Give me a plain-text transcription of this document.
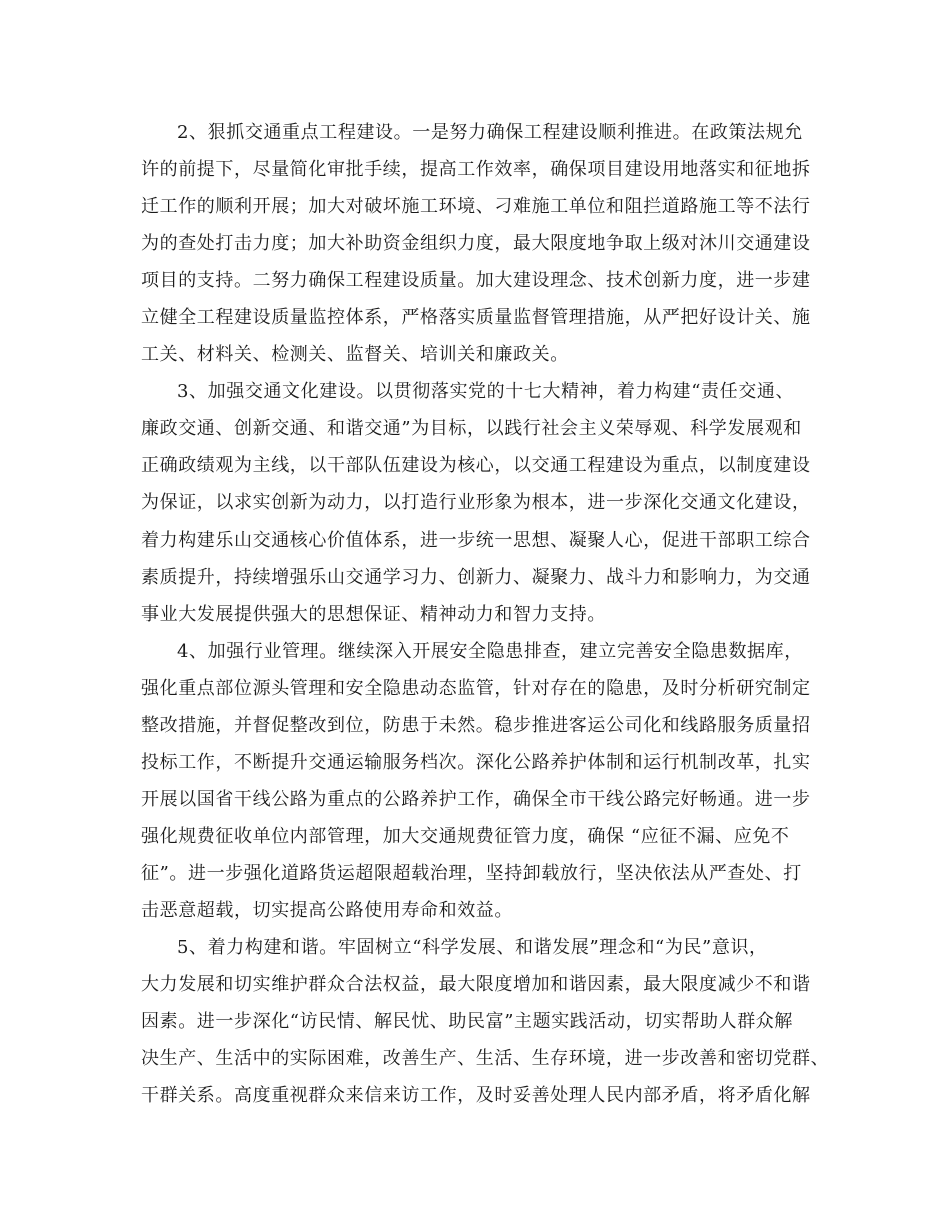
2、狠抓交通重点工程建设。一是努力确保工程建设顺利推进。在政策法规允
许的前提下，尽量简化审批手续，提高工作效率，确保项目建设用地落实和征地拆
迁工作的顺利开展；加大对破坏施工环境、刁难施工单位和阻拦道路施工等不法行
为的查处打击力度；加大补助资金组织力度，最大限度地争取上级对沐川交通建设
项目的支持。二努力确保工程建设质量。加大建设理念、技术创新力度，进一步建
立健全工程建设质量监控体系，严格落实质量监督管理措施，从严把好设计关、施
工关、材料关、检测关、监督关、培训关和廉政关。
3、加强交通文化建设。以贯彻落实党的十七大精神，着力构建“责任交通、
廉政交通、创新交通、和谐交通”为目标，以践行社会主义荣辱观、科学发展观和
正确政绩观为主线，以干部队伍建设为核心，以交通工程建设为重点，以制度建设
为保证，以求实创新为动力，以打造行业形象为根本，进一步深化交通文化建设，
着力构建乐山交通核心价值体系，进一步统一思想、凝聚人心，促进干部职工综合
素质提升，持续增强乐山交通学习力、创新力、凝聚力、战斗力和影响力，为交通
事业大发展提供强大的思想保证、精神动力和智力支持。
4、加强行业管理。继续深入开展安全隐患排查，建立完善安全隐患数据库，
强化重点部位源头管理和安全隐患动态监管，针对存在的隐患，及时分析研究制定
整改措施，并督促整改到位，防患于未然。稳步推进客运公司化和线路服务质量招
投标工作，不断提升交通运输服务档次。深化公路养护体制和运行机制改革，扎实
开展以国省干线公路为重点的公路养护工作，确保全市干线公路完好畅通。进一步
强化规费征收单位内部管理，加大交通规费征管力度，确保 “应征不漏、应免不
征”。进一步强化道路货运超限超载治理，坚持卸载放行，坚决依法从严查处、打
击恶意超载，切实提高公路使用寿命和效益。
5、着力构建和谐。牢固树立“科学发展、和谐发展”理念和“为民”意识，
大力发展和切实维护群众合法权益，最大限度增加和谐因素，最大限度减少不和谐
因素。进一步深化“访民情、解民忧、助民富”主题实践活动，切实帮助人群众解
决生产、生活中的实际困难，改善生产、生活、生存环境，进一步改善和密切党群、
干群关系。高度重视群众来信来访工作，及时妥善处理人民内部矛盾，将矛盾化解
